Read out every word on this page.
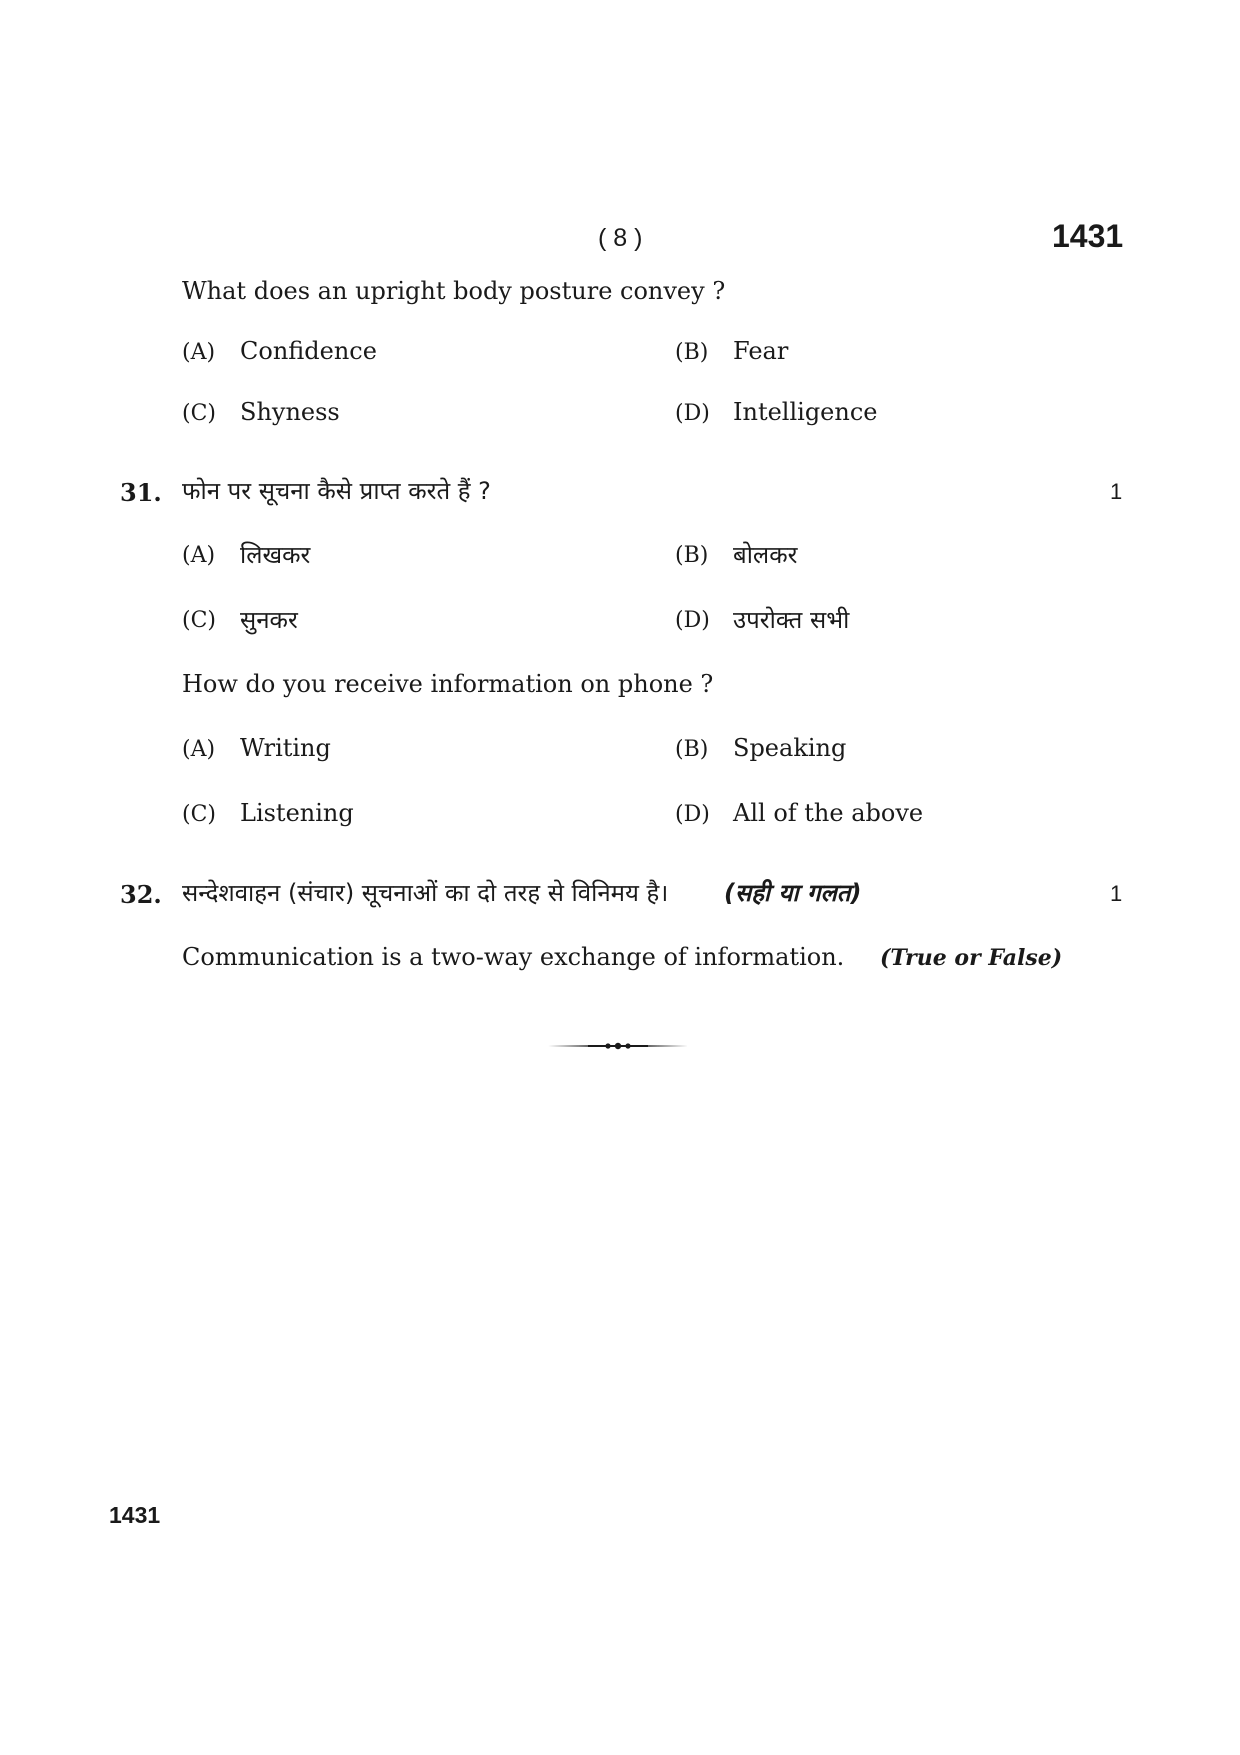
( 8 )	1431
What does an upright body posture convey ?
(A) Confidence	(B) Fear
(C) Shyness	(D) Intelligence
31. फोन पर सूचना कैसे प्राप्त करते हैं ?	1
(A) लिखकर	(B) बोलकर
(C) सुनकर	(D) उपरोक्त सभी
How do you receive information on phone ?
(A) Writing	(B) Speaking
(C) Listening	(D) All of the above
32. सन्देशवाहन (संचार) सूचनाओं का दो तरह से विनिमय है। (सही या गलत)	1
Communication is a two-way exchange of information. (True or False)
1431
